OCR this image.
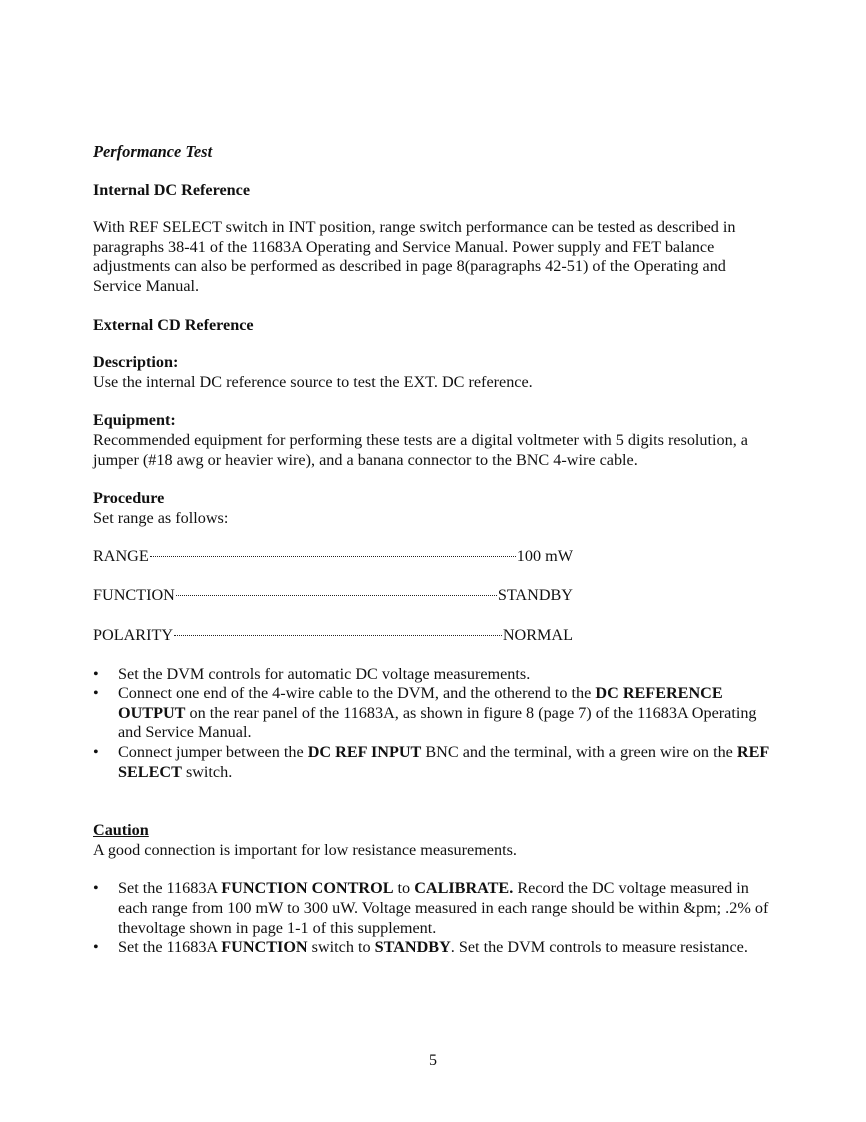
Performance Test
Internal DC Reference

With REF SELECT switch in INT position, range switch performance can be tested as described in paragraphs 38-41 of the 11683A Operating and Service Manual. Power supply and FET balance adjustments can also be performed as described in page 8(paragraphs 42-51) of the Operating and Service Manual.

External CD Reference
Description:

Use the internal DC reference source to test the EXT. DC reference.

Equipment:

Recommended equipment for performing these tests are a digital voltmeter with 5 digits resolution, a jumper (#18 awg or heavier wire), and a banana connector to the BNC 4-wire cable.

Procedure

Set range as follows:

RANGE	100 mW
FUNCTION	STANDBY
POLARITY	NORMAL
• Set the DVM controls for automatic DC voltage measurements.
• Connect one end of the 4-wire cable to the DVM, and the otherend to the DC REFERENCE OUTPUT on the rear panel of the 11683A, as shown in figure 8 (page 7) of the 11683A Operating and Service Manual.
• Connect jumper between the DC REF INPUT BNC and the terminal, with a green wire on the REF SELECT switch.
Caution

A good connection is important for low resistance measurements.

• Set the 11683A FUNCTION CONTROL to CALIBRATE. Record the DC voltage measured in each range from 100 mW to 300 uW. Voltage measured in each range should be within &pm; .2% of thevoltage shown in page 1-1 of this supplement.
• Set the 11683A FUNCTION switch to STANDBY. Set the DVM controls to measure resistance.
5
